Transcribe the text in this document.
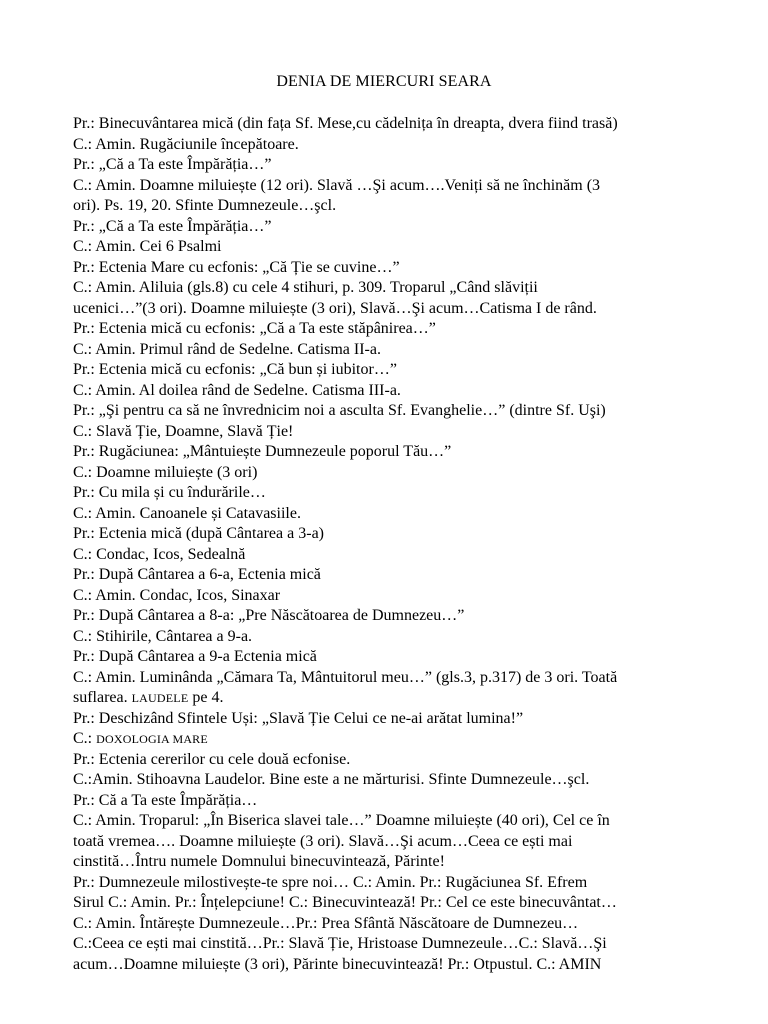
DENIA DE MIERCURI SEARA
Pr.: Binecuvântarea mică (din fața Sf. Mese,cu cădelnița în dreapta, dvera fiind trasă)
C.: Amin. Rugăciunile începătoare.
Pr.: „Că a Ta este Împărăția…”
C.: Amin. Doamne miluiește (12 ori). Slavă …Şi acum….Veniți să ne închinăm (3
ori). Ps. 19, 20. Sfinte Dumnezeule…şcl.
Pr.: „Că a Ta este Împărăția…”
C.: Amin. Cei 6 Psalmi
Pr.: Ectenia Mare cu ecfonis: „Că Ție se cuvine…”
C.: Amin. Aliluia (gls.8) cu cele 4 stihuri, p. 309. Troparul „Când slăviții
ucenici…”(3 ori). Doamne miluiește (3 ori), Slavă…Şi acum…Catisma I de rând.
Pr.: Ectenia mică cu ecfonis: „Că a Ta este stăpânirea…”
C.: Amin. Primul rând de Sedelne. Catisma II-a.
Pr.: Ectenia mică cu ecfonis: „Că bun și iubitor…”
C.: Amin. Al doilea rând de Sedelne. Catisma III-a.
Pr.: „Şi pentru ca să ne învrednicim noi a asculta Sf. Evanghelie…” (dintre Sf. Uşi)
C.: Slavă Ție, Doamne, Slavă Ție!
Pr.: Rugăciunea: „Mântuiește Dumnezeule poporul Tău…”
C.: Doamne miluiește (3 ori)
Pr.: Cu mila și cu îndurările…
C.: Amin. Canoanele și Catavasiile.
Pr.: Ectenia mică (după Cântarea a 3-a)
C.: Condac, Icos, Sedealnă
Pr.: După Cântarea a 6-a, Ectenia mică
C.: Amin. Condac, Icos, Sinaxar
Pr.: După Cântarea a 8-a: „Pre Născătoarea de Dumnezeu…”
C.: Stihirile, Cântarea a 9-a.
Pr.: După Cântarea a 9-a Ectenia mică
C.: Amin. Luminânda „Cămara Ta, Mântuitorul meu…” (gls.3, p.317) de 3 ori. Toată
suflarea. LAUDELE pe 4.
Pr.: Deschizând Sfintele Uși: „Slavă Ție Celui ce ne-ai arătat lumina!”
C.: DOXOLOGIA MARE
Pr.: Ectenia cererilor cu cele două ecfonise.
C.:Amin. Stihoavna Laudelor. Bine este a ne mărturisi. Sfinte Dumnezeule…şcl.
Pr.: Că a Ta este Împărăția…
C.: Amin. Troparul: „În Biserica slavei tale…” Doamne miluiește (40 ori), Cel ce în
toată vremea…. Doamne miluiește (3 ori). Slavă…Şi acum…Ceea ce ești mai
cinstită…Întru numele Domnului binecuvintează, Părinte!
Pr.: Dumnezeule milostivește-te spre noi… C.: Amin. Pr.: Rugăciunea Sf. Efrem
Sirul C.: Amin. Pr.: Înțelepciune! C.: Binecuvintează! Pr.: Cel ce este binecuvântat…
C.: Amin. Întărește Dumnezeule…Pr.: Prea Sfântă Născătoare de Dumnezeu…
C.:Ceea ce ești mai cinstită…Pr.: Slavă Ție, Hristoase Dumnezeule…C.: Slavă…Şi
acum…Doamne miluiește (3 ori), Părinte binecuvintează! Pr.: Otpustul. C.: AMIN
